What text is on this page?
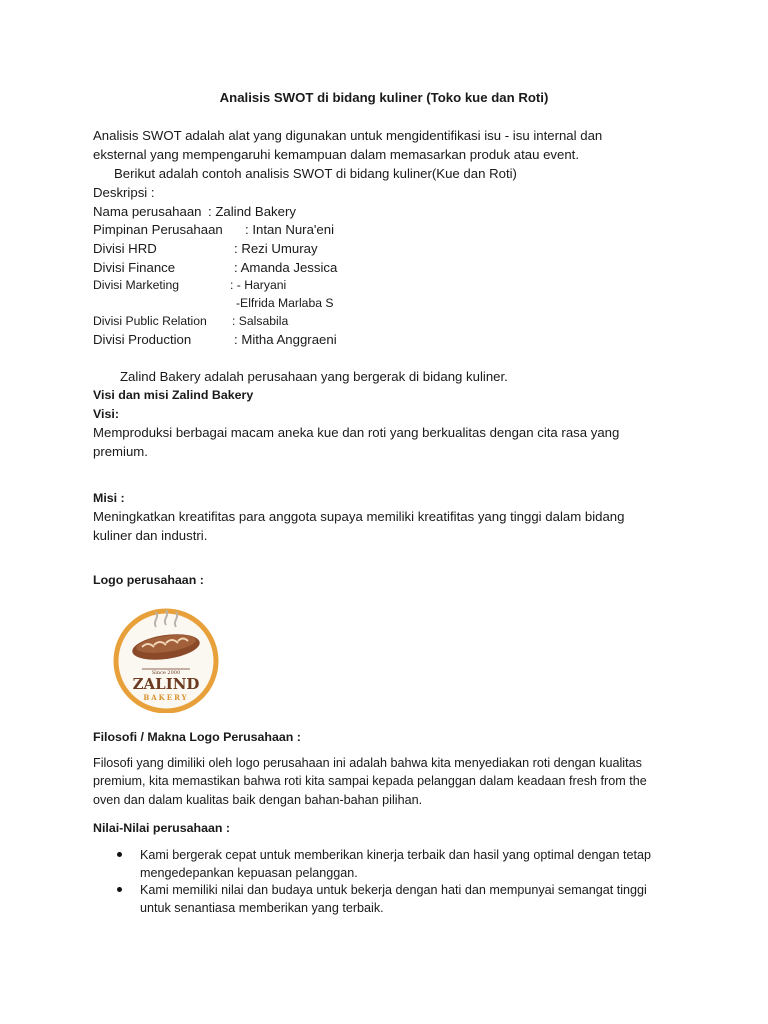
Analisis SWOT di bidang kuliner (Toko kue dan Roti)
Analisis SWOT adalah alat yang digunakan untuk mengidentifikasi isu - isu internal dan
eksternal yang mempengaruhi kemampuan dalam memasarkan produk atau event.
Berikut adalah contoh analisis SWOT di bidang kuliner(Kue dan Roti)
Deskripsi :
Nama perusahaan : Zalind Bakery
Pimpinan Perusahaan : Intan Nura'eni
Divisi HRD	: Rezi Umuray
Divisi Finance	: Amanda Jessica
Divisi Marketing	: - Haryani
-Elfrida Marlaba S
Divisi Public Relation : Salsabila
Divisi Production	: Mitha Anggraeni
Zalind Bakery adalah perusahaan yang bergerak di bidang kuliner.
Visi dan misi Zalind Bakery
Visi:
Memproduksi berbagai macam aneka kue dan roti yang berkualitas dengan cita rasa yang
premium.
Misi :
Meningkatkan kreatifitas para anggota supaya memiliki kreatifitas yang tinggi dalam bidang
kuliner dan industri.
Logo perusahaan :
Since 2000
ZALIND
BAKERY
Filosofi / Makna Logo Perusahaan :
Filosofi yang dimiliki oleh logo perusahaan ini adalah bahwa kita menyediakan roti dengan kualitas
premium, kita memastikan bahwa roti kita sampai kepada pelanggan dalam keadaan fresh from the
oven dan dalam kualitas baik dengan bahan-bahan pilihan.
Nilai-Nilai perusahaan :
Kami bergerak cepat untuk memberikan kinerja terbaik dan hasil yang optimal dengan tetap
mengedepankan kepuasan pelanggan.
Kami memiliki nilai dan budaya untuk bekerja dengan hati dan mempunyai semangat tinggi
untuk senantiasa memberikan yang terbaik.
